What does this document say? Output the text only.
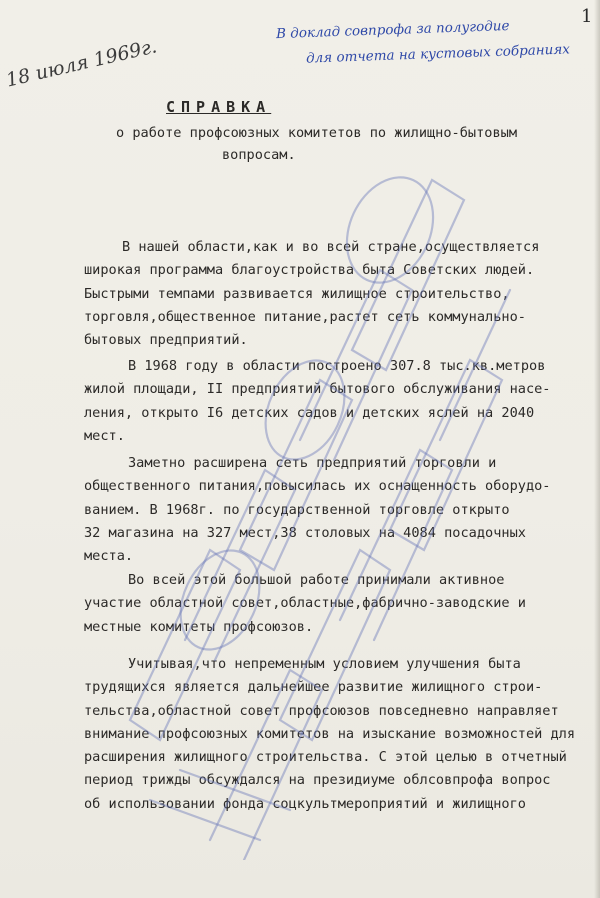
1
В доклад совпрофа за полугодие
для отчета на кустовых собраниях
18 июля 1969г.
СПРАВКА
о работе профсоюзных комитетов по жилищно-бытовым
вопросам.
В нашей области,как и во всей стране,осуществляется
широкая программа благоустройства быта Советских людей.
Быстрыми темпами развивается жилищное строительство,
торговля,общественное питание,растет сеть коммунально-
бытовых предприятий.
В 1968 году в области построено 307.8 тыс.кв.метров
жилой площади, II предприятий бытового обслуживания насе-
ления, открыто I6 детских садов и детских яслей на 2040
мест.
Заметно расширена сеть предприятий торговли и
общественного питания,повысилась их оснащенность оборудо-
ванием. В 1968г. по государственной торговле открыто
32 магазина на 327 мест,38 столовых на 4084 посадочных
места.
Во всей этой большой работе принимали активное
участие областной совет,областные,фабрично-заводские и
местные комитеты профсоюзов.
Учитывая,что непременным условием улучшения быта
трудящихся является дальнейшее развитие жилищного строи-
тельства,областной совет профсоюзов повседневно направляет
внимание профсоюзных комитетов на изыскание возможностей для
расширения жилищного строительства. С этой целью в отчетный
период трижды обсуждался на президиуме облсовпрофа вопрос
об использовании фонда соцкультмероприятий и жилищного
